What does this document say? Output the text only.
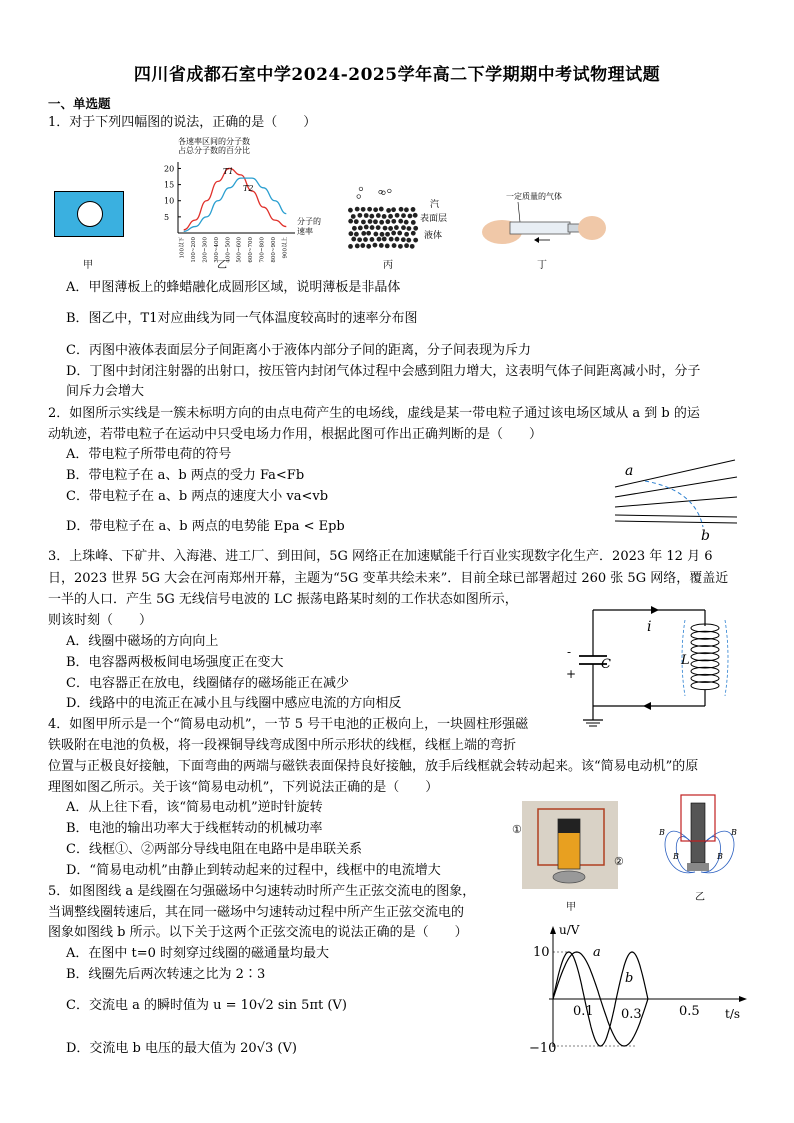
四川省成都石室中学2024-2025学年高二下学期期中考试物理试题
一、单选题
1．对于下列四幅图的说法，正确的是（　　）
甲
各速率区间的分子数
占总分子数的百分比
5
10
15
20
100以下 100~200 200~300 300~400 400~500 500~600 600~700 700~800 800~900 900以上
T1
T2
分子的
速率
乙
汽
表面层
液体
丙
一定质量的气体
丁
A．甲图薄板上的蜂蜡融化成圆形区域，说明薄板是非晶体
B．图乙中，T1对应曲线为同一气体温度较高时的速率分布图
C．丙图中液体表面层分子间距离小于液体内部分子间的距离，分子间表现为斥力
D．丁图中封闭注射器的出射口，按压管内封闭气体过程中会感到阻力增大，这表明气体子间距离减小时，分子
间斥力会增大
2．如图所示实线是一簇未标明方向的由点电荷产生的电场线，虚线是某一带电粒子通过该电场区域从 a 到 b 的运
动轨迹，若带电粒子在运动中只受电场力作用，根据此图可作出正确判断的是（　　）
A．带电粒子所带电荷的符号
B．带电粒子在 a、b 两点的受力 Fa<Fb
C．带电粒子在 a、b 两点的速度大小 va<vb
D．带电粒子在 a、b 两点的电势能 Epa < Epb
a
b
3．上珠峰、下矿井、入海港、进工厂、到田间，5G 网络正在加速赋能千行百业实现数字化生产．2023 年 12 月 6
日，2023 世界 5G 大会在河南郑州开幕，主题为“5G 变革共绘未来”．目前全球已部署超过 260 张 5G 网络，覆盖近
一半的人口．产生 5G 无线信号电波的 LC 振荡电路某时刻的工作状态如图所示，
则该时刻（　　）
A．线圈中磁场的方向向上
B．电容器两极板间电场强度正在变大
C．电容器正在放电，线圈储存的磁场能正在减少
D．线路中的电流正在减小且与线圈中感应电流的方向相反
i
C	L
-
+
4．如图甲所示是一个“简易电动机”，一节 5 号干电池的正极向上，一块圆柱形强磁
铁吸附在电池的负极，将一段裸铜导线弯成图中所示形状的线框，线框上端的弯折
位置与正极良好接触，下面弯曲的两端与磁铁表面保持良好接触，放手后线框就会转动起来。该“简易电动机”的原
理图如图乙所示。关于该“简易电动机”，下列说法正确的是（　　）
A．从上往下看，该“简易电动机”逆时针旋转
B．电池的输出功率大于线框转动的机械功率
C．线框①、②两部分导线电阻在电路中是串联关系
D．“简易电动机”由静止到转动起来的过程中，线框中的电流增大
①
②
甲
B	B
B	B
乙
5．如图图线 a 是线圈在匀强磁场中匀速转动时所产生正弦交流电的图象，
当调整线圈转速后，其在同一磁场中匀速转动过程中所产生正弦交流电的
图象如图线 b 所示。以下关于这两个正弦交流电的说法正确的是（　　）
A．在图中 t=0 时刻穿过线圈的磁通量均最大
B．线圈先后两次转速之比为 2∶3
C．交流电 a 的瞬时值为 u = 10√2 sin 5πt (V)
D．交流电 b 电压的最大值为 20√3 (V)
u/V
t/s
10
−10
0.1 0.3	0.5
a
b
